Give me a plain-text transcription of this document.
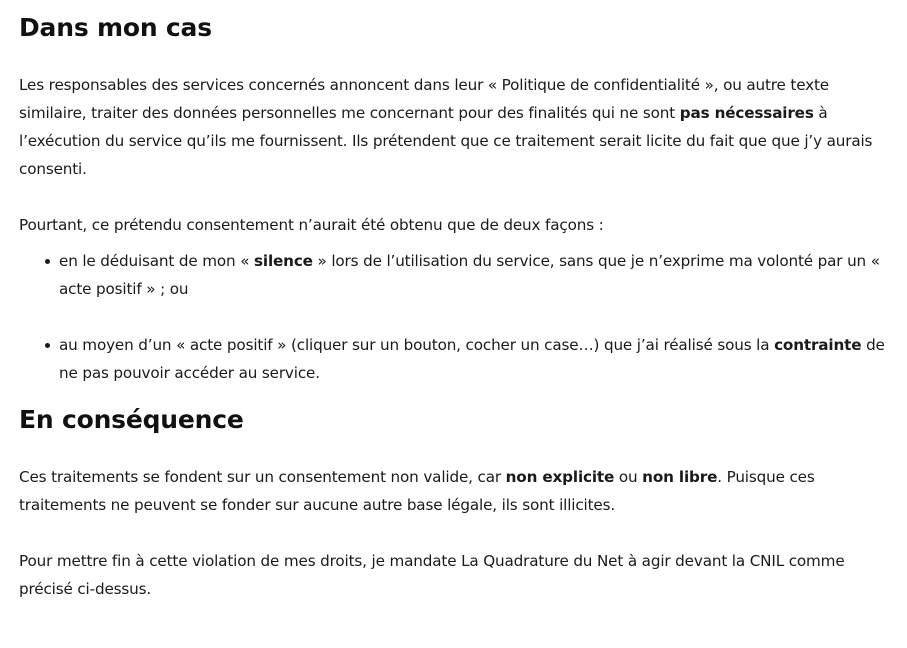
Dans mon cas

Les responsables des services concernés annoncent dans leur « Politique de confidentialité », ou autre texte similaire, traiter des données personnelles me concernant pour des finalités qui ne sont pas nécessaires à l’exécution du service qu’ils me fournissent. Ils prétendent que ce traitement serait licite du fait que que j’y aurais consenti.

Pourtant, ce prétendu consentement n’aurait été obtenu que de deux façons :

en le déduisant de mon « silence » lors de l’utilisation du service, sans que je n’exprime ma volonté par un « acte positif » ; ou
au moyen d’un « acte positif » (cliquer sur un bouton, cocher un case…) que j’ai réalisé sous la contrainte de ne pas pouvoir accéder au service.
En conséquence

Ces traitements se fondent sur un consentement non valide, car non explicite ou non libre. Puisque ces traitements ne peuvent se fonder sur aucune autre base légale, ils sont illicites.

Pour mettre fin à cette violation de mes droits, je mandate La Quadrature du Net à agir devant la CNIL comme précisé ci-dessus.
